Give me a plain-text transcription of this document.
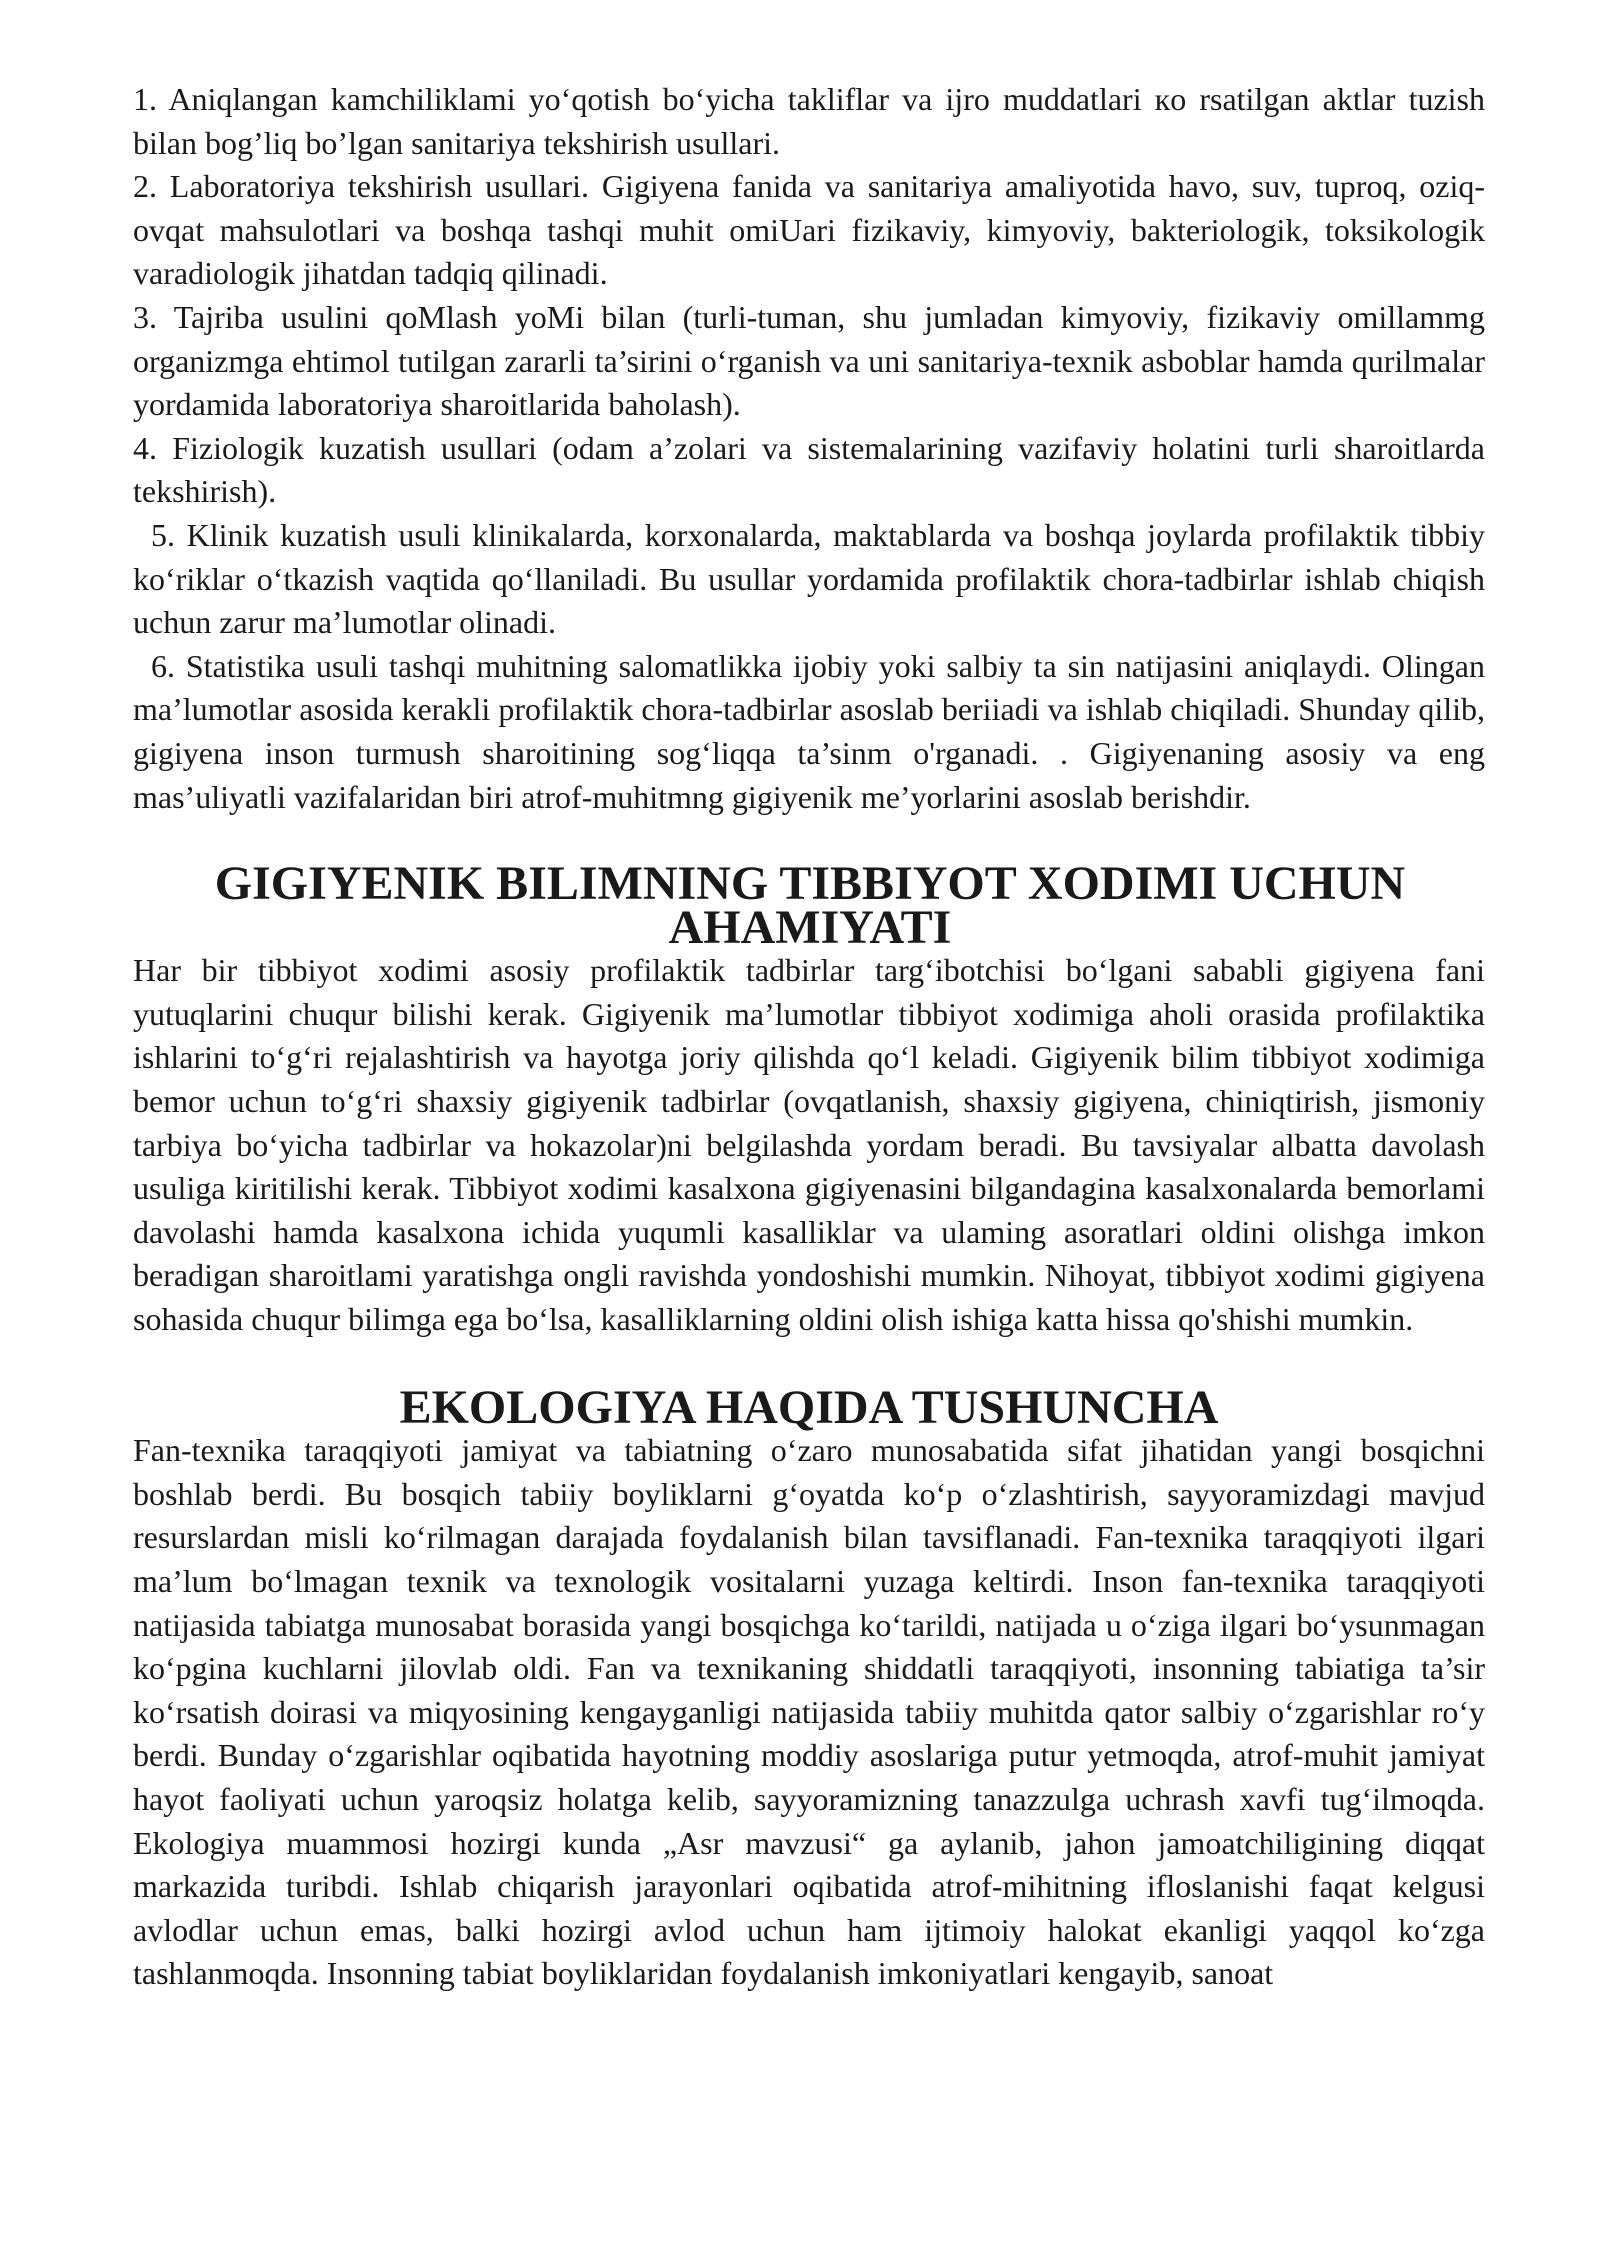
1. Aniqlangan kamchiliklami yo‘qotish bo‘yicha takliflar va ijro muddatlari кo rsatilgan aktlar tuzish bilan bog’liq bo’lgan sanitariya tekshirish usullari.

2. Laboratoriya tekshirish usullari. Gigiyena fanida va sanitariya amaliyotida havo, suv, tuproq, oziq-ovqat mahsulotlari va boshqa tashqi muhit omiUari fizikaviy, kimyoviy, bakteriologik, toksikologik varadiologik jihatdan tadqiq qilinadi.

3. Tajriba usulini qoMlash yoMi bilan (turli-tuman, shu jumladan kimyoviy, fizikaviy omillammg organizmga ehtimol tutilgan zararli ta’sirini o‘rganish va uni sanitariya-texnik asboblar hamda qurilmalar yordamida laboratoriya sharoitlarida baholash).

4. Fiziologik kuzatish usullari (odam a’zolari va sistemalarining vazifaviy holatini turli sharoitlarda tekshirish).

5. Klinik kuzatish usuli klinikalarda, korxonalarda, maktablarda va boshqa joylarda profilaktik tibbiy ko‘riklar o‘tkazish vaqtida qo‘llaniladi. Bu usullar yordamida profilaktik chora-tadbirlar ishlab chiqish uchun zarur ma’lumotlar olinadi.

6. Statistika usuli tashqi muhitning salomatlikka ijobiy yoki salbiy ta sin natijasini aniqlaydi. Olingan ma’lumotlar asosida kerakli profilaktik chora-tadbirlar asoslab beriiadi va ishlab chiqiladi. Shunday qilib, gigiyena inson turmush sharoitining sog‘liqqa ta’sinm o'rganadi. . Gigiyenaning asosiy va eng mas’uliyatli vazifalaridan biri atrof-muhitmng gigiyenik me’yorlarini asoslab berishdir.

GIGIYENIK BILIMNING TIBBIYOT XODIMI UCHUN AHAMIYATI

Har bir tibbiyot xodimi asosiy profilaktik tadbirlar targ‘ibotchisi bo‘lgani sababli gigiyena fani yutuqlarini chuqur bilishi kerak. Gigiyenik ma’lumotlar tibbiyot xodimiga aholi orasida profilaktika ishlarini to‘g‘ri rejalashtirish va hayotga joriy qilishda qo‘l keladi. Gigiyenik bilim tibbiyot xodimiga bemor uchun to‘g‘ri shaxsiy gigiyenik tadbirlar (ovqatlanish, shaxsiy gigiyena, chiniqtirish, jismoniy tarbiya bo‘yicha tadbirlar va hokazolar)ni belgilashda yordam beradi. Bu tavsiyalar albatta davolash usuliga kiritilishi kerak. Tibbiyot xodimi kasalxona gigiyenasini bilgandagina kasalxonalarda bemorlami davolashi hamda kasalxona ichida yuqumli kasalliklar va ulaming asoratlari oldini olishga imkon beradigan sharoitlami yaratishga ongli ravishda yondoshishi mumkin. Nihoyat, tibbiyot xodimi gigiyena sohasida chuqur bilimga ega bo‘lsa, kasalliklarning oldini olish ishiga katta hissa qo'shishi mumkin.

EKOLOGIYA HAQIDA TUSHUNCHA

Fan-texnika taraqqiyoti jamiyat va tabiatning o‘zaro munosabatida sifat jihatidan yangi bosqichni boshlab berdi. Bu bosqich tabiiy boyliklarni g‘oyatda ko‘p o‘zlashtirish, sayyoramizdagi mavjud resurslardan misli ko‘rilmagan darajada foydalanish bilan tavsiflanadi. Fan-texnika taraqqiyoti ilgari ma’lum bo‘lmagan texnik va texnologik vositalarni yuzaga keltirdi. Inson fan-texnika taraqqiyoti natijasida tabiatga munosabat borasida yangi bosqichga ko‘tarildi, natijada u o‘ziga ilgari bo‘ysunmagan ko‘pgina kuchlarni jilovlab oldi. Fan va texnikaning shiddatli taraqqiyoti, insonning tabiatiga ta’sir ko‘rsatish doirasi va miqyosining kengayganligi natijasida tabiiy muhitda qator salbiy o‘zgarishlar ro‘y berdi. Bunday o‘zgarishlar oqibatida hayotning moddiy asoslariga putur yetmoqda, atrof-muhit jamiyat hayot faoliyati uchun yaroqsiz holatga kelib, sayyoramizning tanazzulga uchrash xavfi tug‘ilmoqda. Ekologiya muammosi hozirgi kunda „Asr mavzusi“ ga aylanib, jahon jamoatchiligining diqqat markazida turibdi. Ishlab chiqarish jarayonlari oqibatida atrof-mihitning ifloslanishi faqat kelgusi avlodlar uchun emas, balki hozirgi avlod uchun ham ijtimoiy halokat ekanligi yaqqol ko‘zga tashlanmoqda. Insonning tabiat boyliklaridan foydalanish imkoniyatlari kengayib, sanoat
